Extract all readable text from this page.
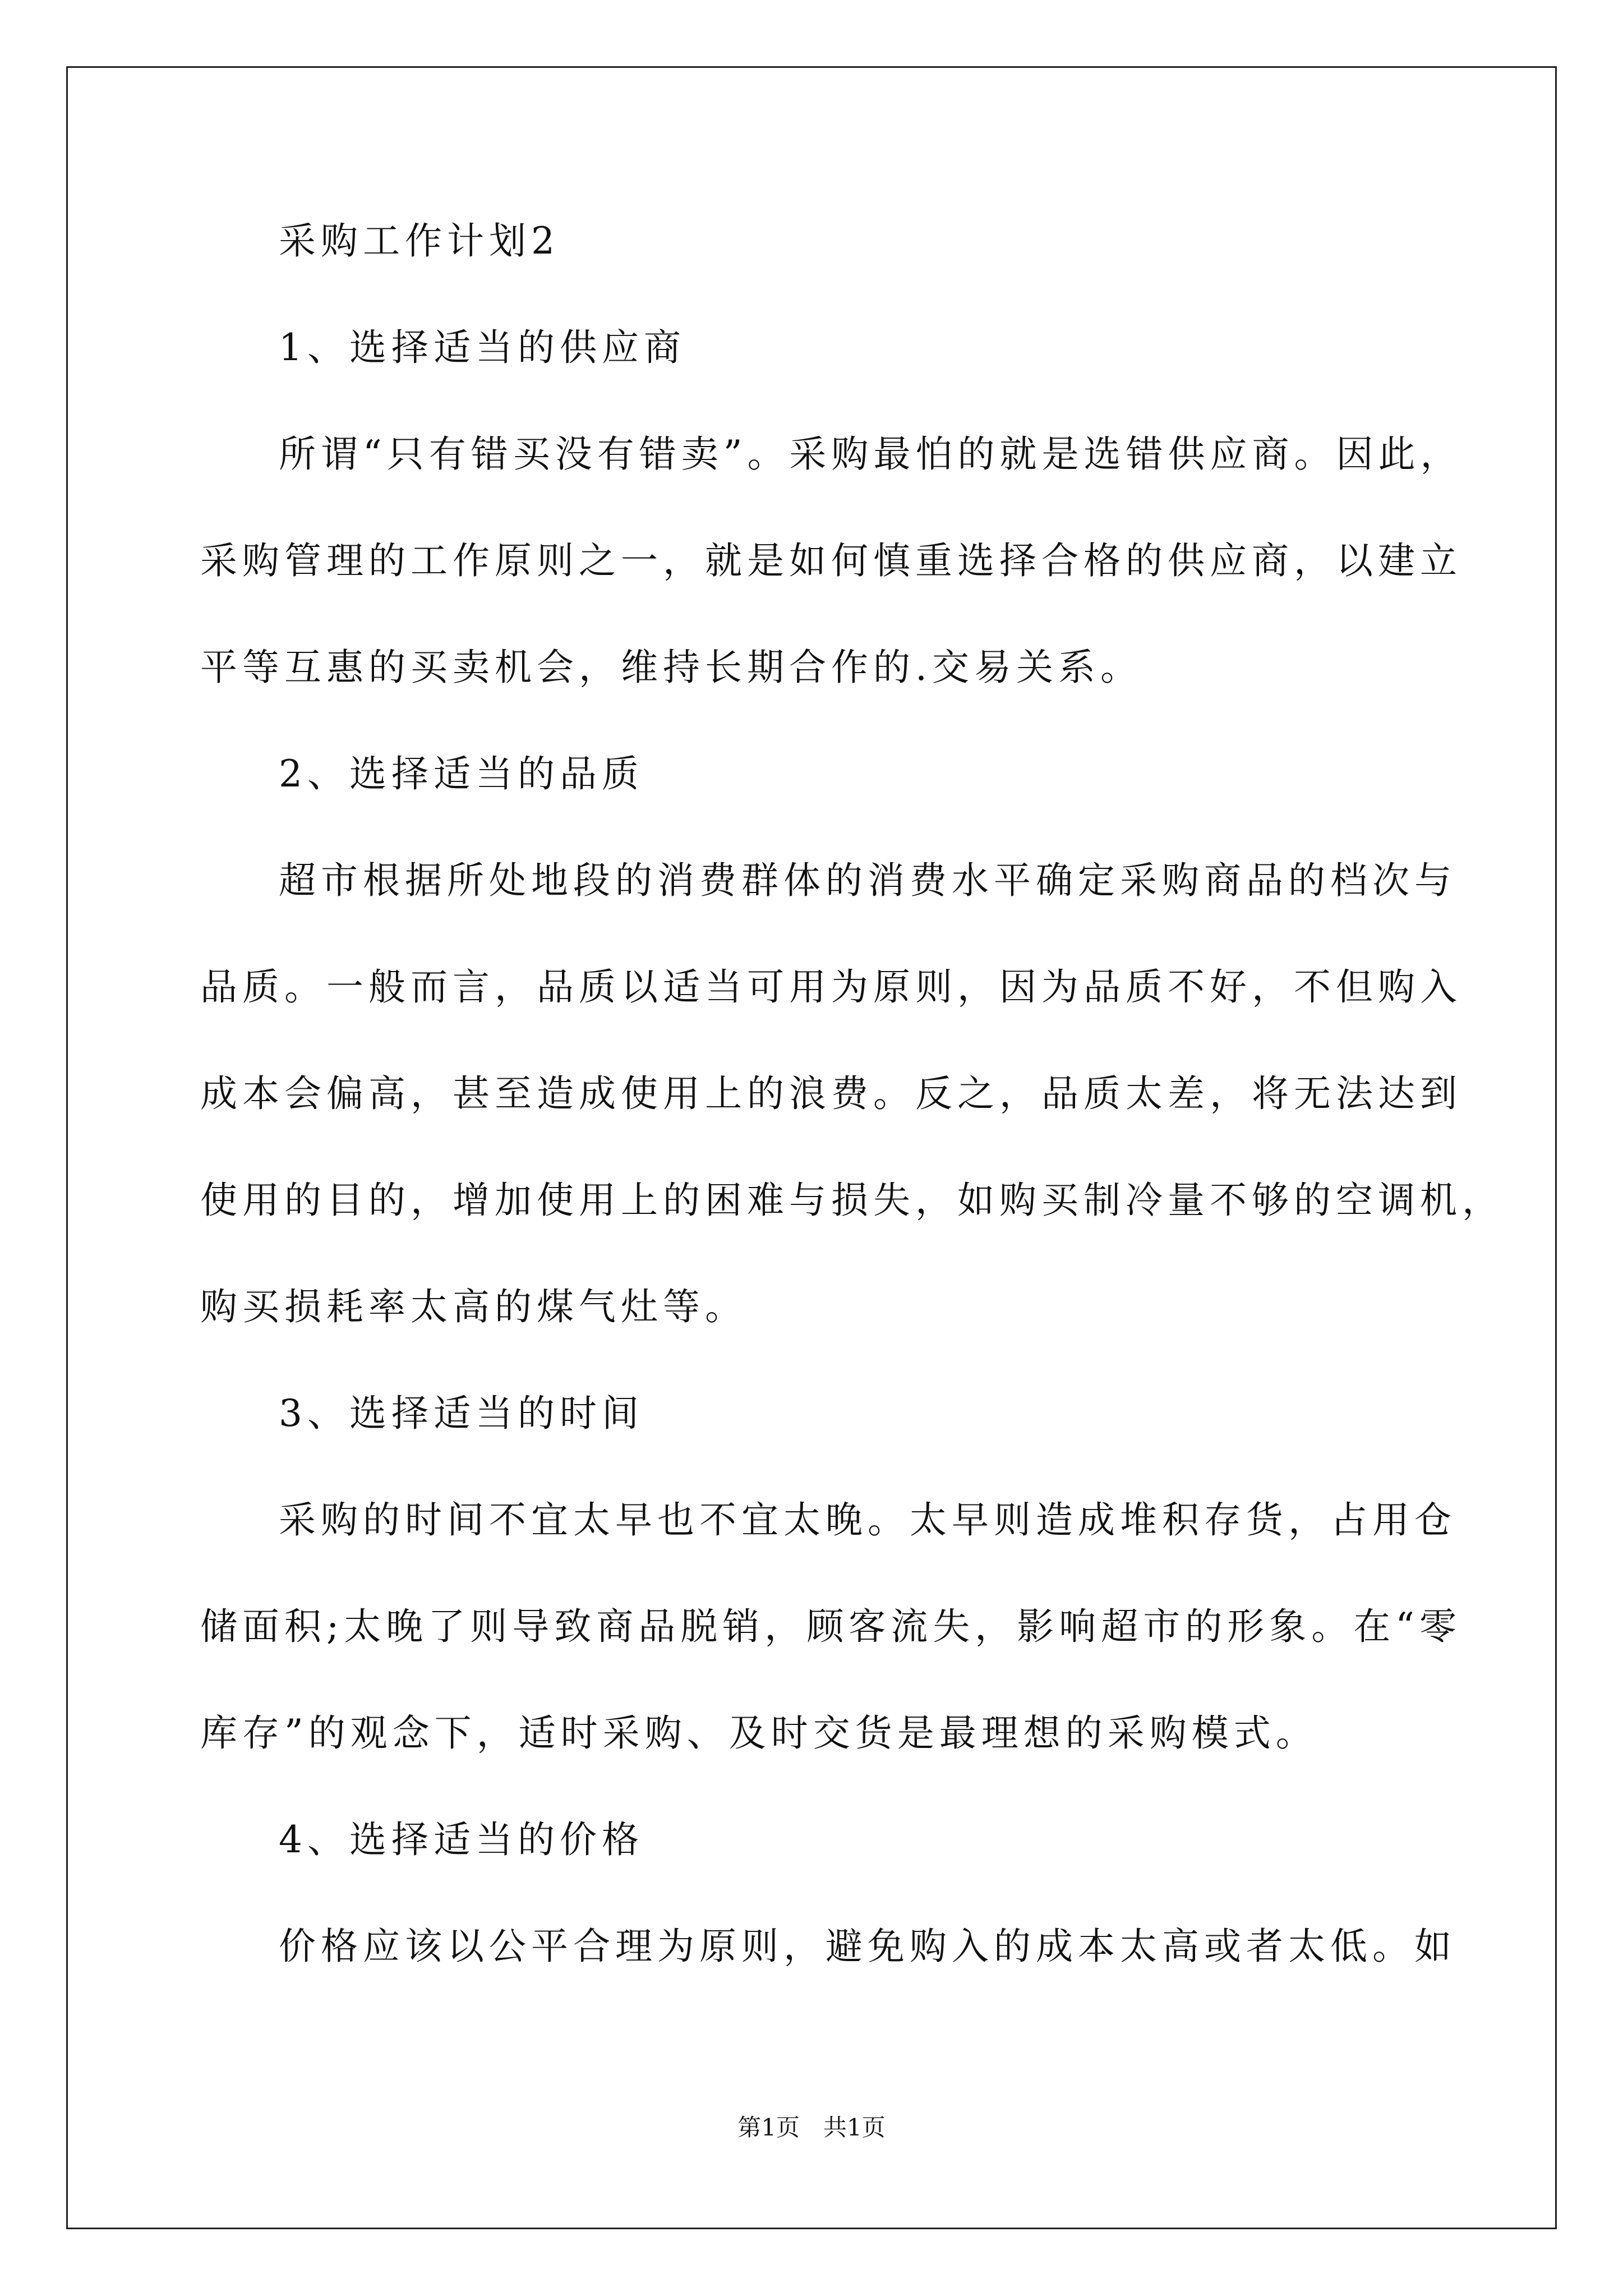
采购工作计划2

1、选择适当的供应商

所谓“只有错买没有错卖”。采购最怕的就是选错供应商。因此，

采购管理的工作原则之一，就是如何慎重选择合格的供应商，以建立

平等互惠的买卖机会，维持长期合作的.交易关系。

2、选择适当的品质

超市根据所处地段的消费群体的消费水平确定采购商品的档次与

品质。一般而言，品质以适当可用为原则，因为品质不好，不但购入

成本会偏高，甚至造成使用上的浪费。反之，品质太差，将无法达到

使用的目的，增加使用上的困难与损失，如购买制冷量不够的空调机，

购买损耗率太高的煤气灶等。

3、选择适当的时间

采购的时间不宜太早也不宜太晚。太早则造成堆积存货，占用仓

储面积;太晚了则导致商品脱销，顾客流失，影响超市的形象。在“零

库存”的观念下，适时采购、及时交货是最理想的采购模式。

4、选择适当的价格

价格应该以公平合理为原则，避免购入的成本太高或者太低。如

第1页　共1页
